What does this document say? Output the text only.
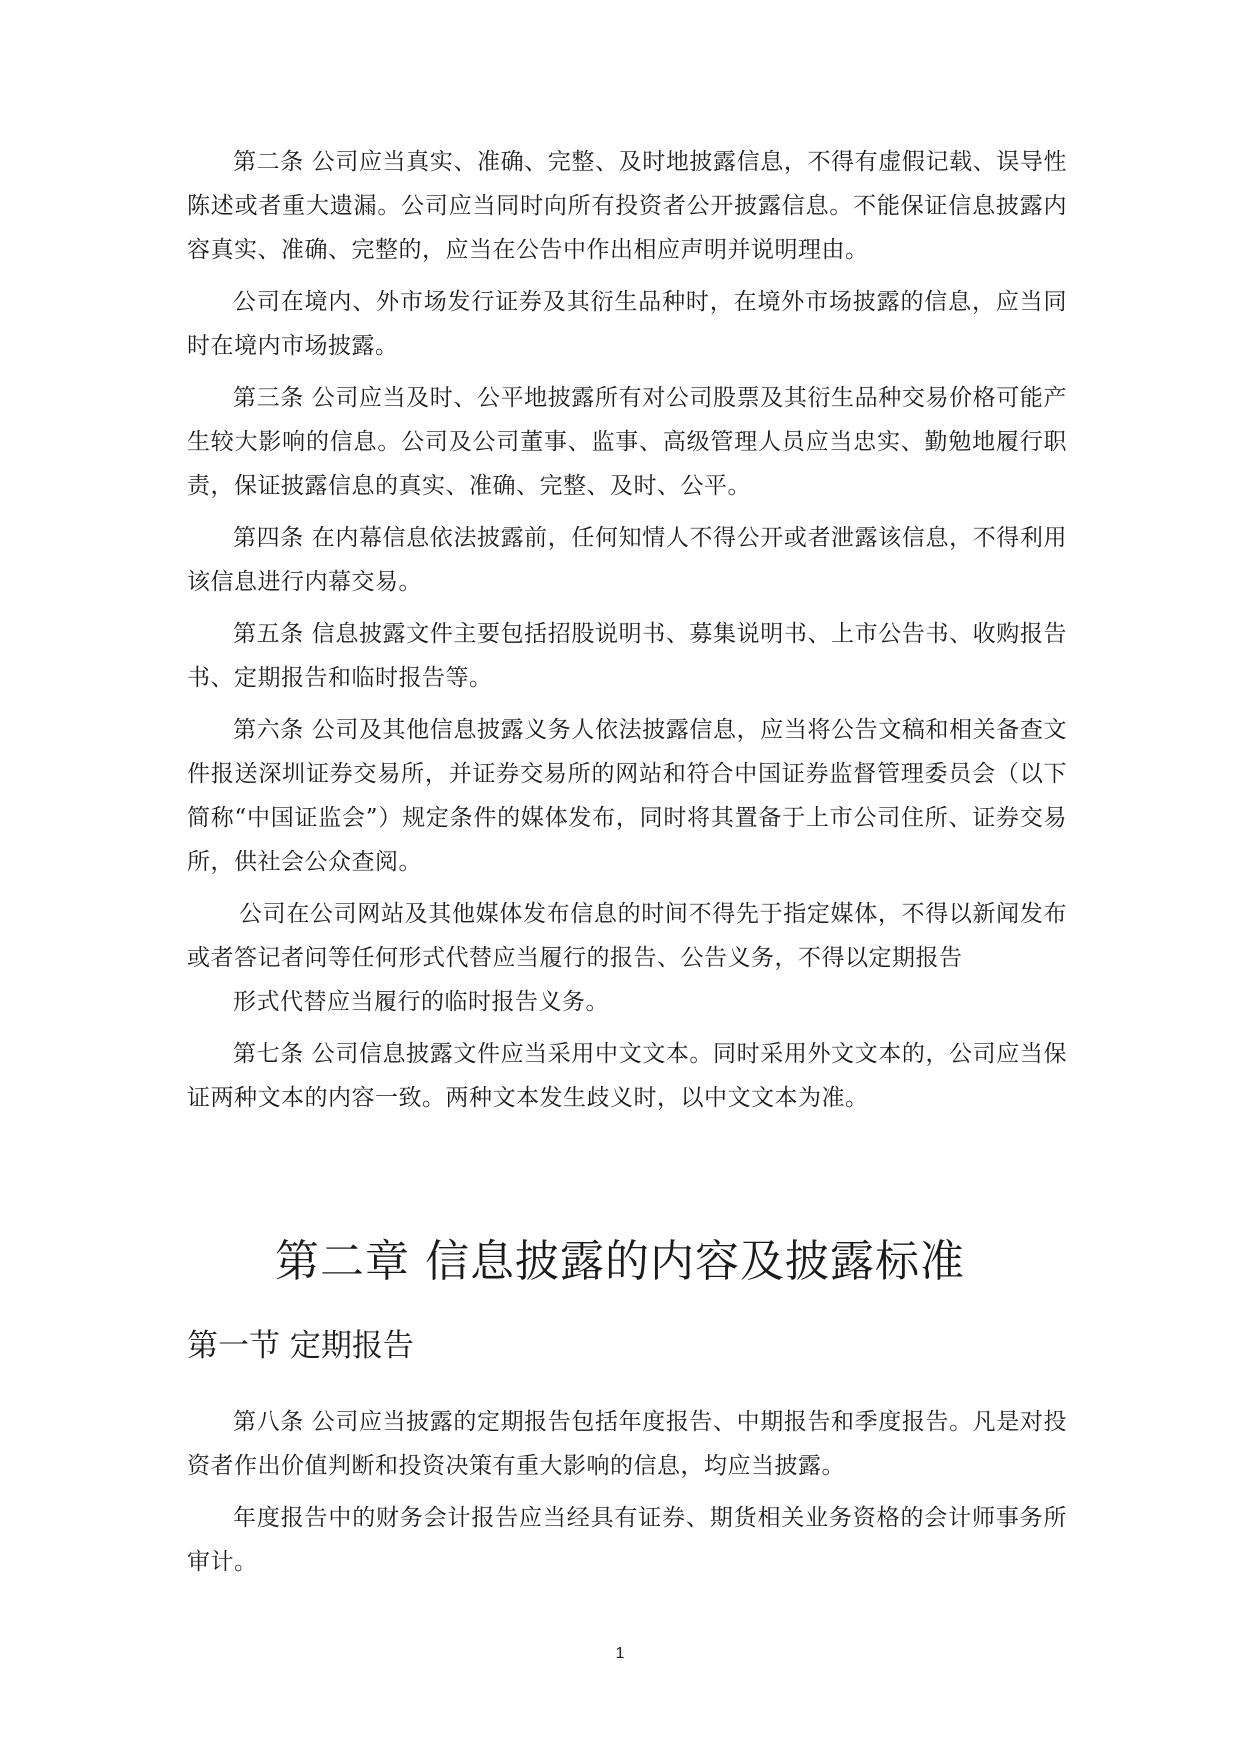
第二条 公司应当真实、准确、完整、及时地披露信息，不得有虚假记载、误导性陈述或者重大遗漏。公司应当同时向所有投资者公开披露信息。不能保证信息披露内容真实、准确、完整的，应当在公告中作出相应声明并说明理由。

公司在境内、外市场发行证券及其衍生品种时，在境外市场披露的信息，应当同时在境内市场披露。

第三条 公司应当及时、公平地披露所有对公司股票及其衍生品种交易价格可能产生较大影响的信息。公司及公司董事、监事、高级管理人员应当忠实、勤勉地履行职责，保证披露信息的真实、准确、完整、及时、公平。

第四条 在内幕信息依法披露前，任何知情人不得公开或者泄露该信息，不得利用该信息进行内幕交易。

第五条 信息披露文件主要包括招股说明书、募集说明书、上市公告书、收购报告书、定期报告和临时报告等。

第六条 公司及其他信息披露义务人依法披露信息，应当将公告文稿和相关备查文件报送深圳证券交易所，并证券交易所的网站和符合中国证券监督管理委员会（以下简称“中国证监会”）规定条件的媒体发布，同时将其置备于上市公司住所、证券交易所，供社会公众查阅。

公司在公司网站及其他媒体发布信息的时间不得先于指定媒体，不得以新闻发布或者答记者问等任何形式代替应当履行的报告、公告义务，不得以定期报告

形式代替应当履行的临时报告义务。

第七条 公司信息披露文件应当采用中文文本。同时采用外文文本的，公司应当保证两种文本的内容一致。两种文本发生歧义时，以中文文本为准。

第二章 信息披露的内容及披露标准
第一节 定期报告

第八条 公司应当披露的定期报告包括年度报告、中期报告和季度报告。凡是对投资者作出价值判断和投资决策有重大影响的信息，均应当披露。

年度报告中的财务会计报告应当经具有证券、期货相关业务资格的会计师事务所审计。

1
